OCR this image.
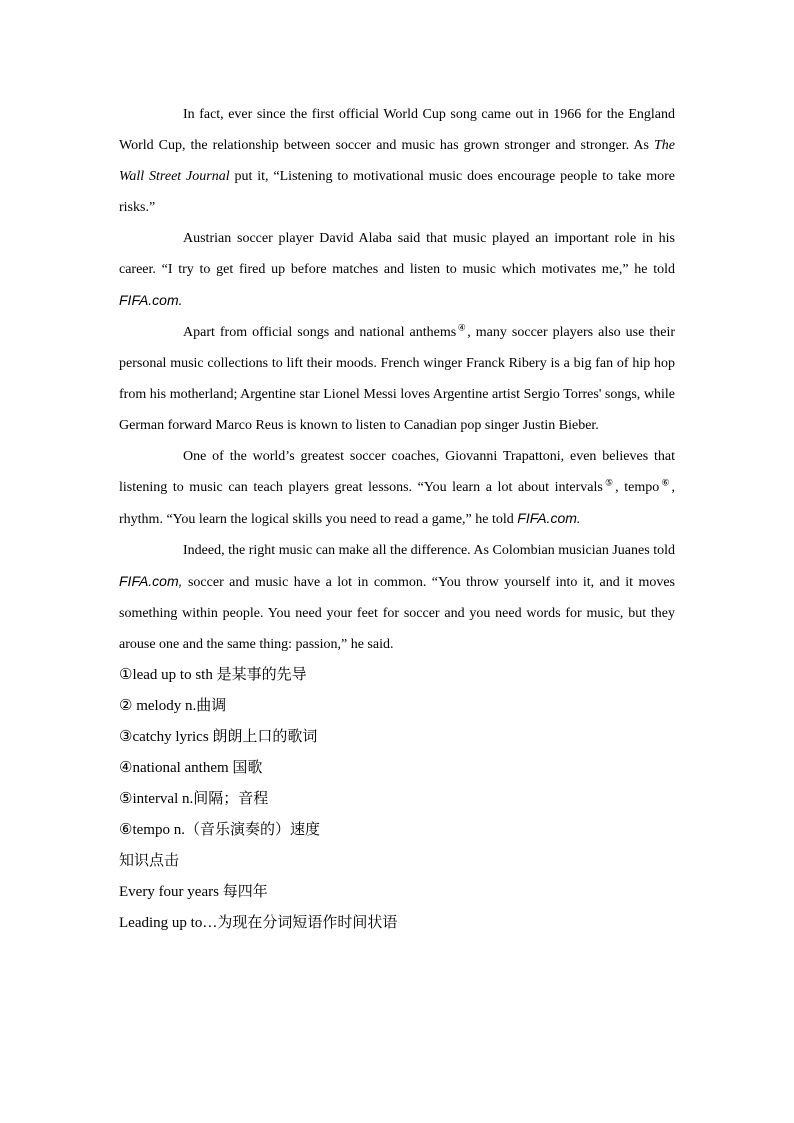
In fact, ever since the first official World Cup song came out in 1966 for the England World Cup, the relationship between soccer and music has grown stronger and stronger. As The Wall Street Journal put it, “Listening to motivational music does encourage people to take more risks.”

Austrian soccer player David Alaba said that music played an important role in his career. “I try to get fired up before matches and listen to music which motivates me,” he told FIFA.com.

Apart from official songs and national anthems④, many soccer players also use their personal music collections to lift their moods. French winger Franck Ribery is a big fan of hip hop from his motherland; Argentine star Lionel Messi loves Argentine artist Sergio Torres' songs, while German forward Marco Reus is known to listen to Canadian pop singer Justin Bieber.

One of the world’s greatest soccer coaches, Giovanni Trapattoni, even believes that listening to music can teach players great lessons. “You learn a lot about intervals⑤, tempo⑥, rhythm. “You learn the logical skills you need to read a game,” he told FIFA.com.

Indeed, the right music can make all the difference. As Colombian musician Juanes told FIFA.com, soccer and music have a lot in common. “You throw yourself into it, and it moves something within people. You need your feet for soccer and you need words for music, but they arouse one and the same thing: passion,” he said.

①lead up to sth 是某事的先导

② melody n.曲调

③catchy lyrics 朗朗上口的歌词

④national anthem 国歌

⑤interval n.间隔；音程

⑥tempo n.（音乐演奏的）速度

知识点击

Every four years 每四年

Leading up to…为现在分词短语作时间状语
